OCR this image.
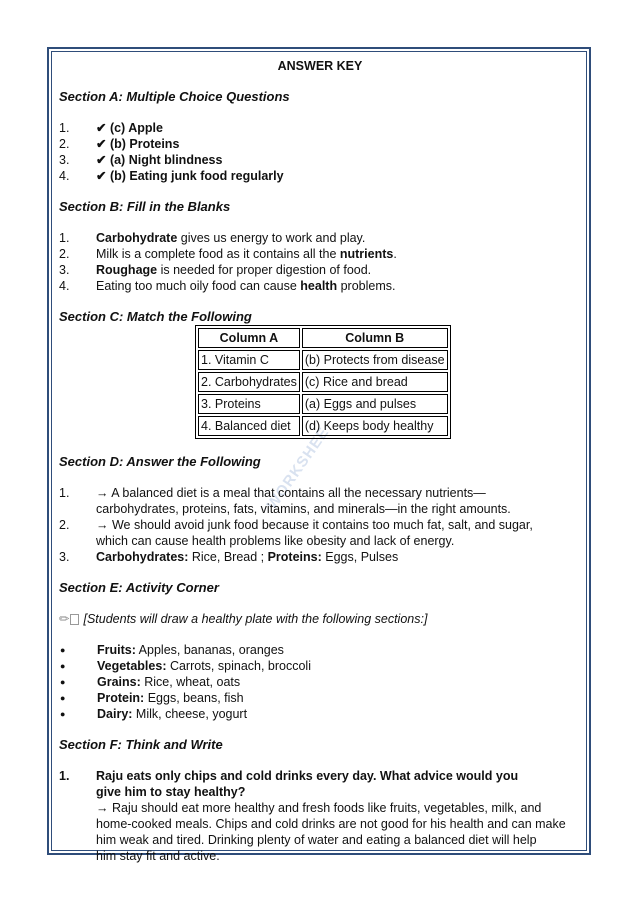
WORKSHEE
ANSWER KEY
Section A: Multiple Choice Questions
1.	✔ (c) Apple
2.	✔ (b) Proteins
3.	✔ (a) Night blindness
4.	✔ (b) Eating junk food regularly
Section B: Fill in the Blanks
1.	Carbohydrate gives us energy to work and play.
2.	Milk is a complete food as it contains all the nutrients.
3.	Roughage is needed for proper digestion of food.
4.	Eating too much oily food can cause health problems.
Section C: Match the Following
Column A	Column B
1. Vitamin C	(b) Protects from disease
2. Carbohydrates	(c) Rice and bread
3. Proteins	(a) Eggs and pulses
4. Balanced diet	(d) Keeps body healthy
Section D: Answer the Following
1.	→ A balanced diet is a meal that contains all the necessary nutrients—
carbohydrates, proteins, fats, vitamins, and minerals—in the right amounts.
2.	→ We should avoid junk food because it contains too much fat, salt, and sugar,
which can cause health problems like obesity and lack of energy.
3.	Carbohydrates: Rice, Bread ; Proteins: Eggs, Pulses
Section E: Activity Corner
✏ [Students will draw a healthy plate with the following sections:]
●	Fruits: Apples, bananas, oranges
●	Vegetables: Carrots, spinach, broccoli
●	Grains: Rice, wheat, oats
●	Protein: Eggs, beans, fish
●	Dairy: Milk, cheese, yogurt
Section F: Think and Write
1.	Raju eats only chips and cold drinks every day. What advice would you
give him to stay healthy?
→ Raju should eat more healthy and fresh foods like fruits, vegetables, milk, and
home-cooked meals. Chips and cold drinks are not good for his health and can make
him weak and tired. Drinking plenty of water and eating a balanced diet will help
him stay fit and active.
